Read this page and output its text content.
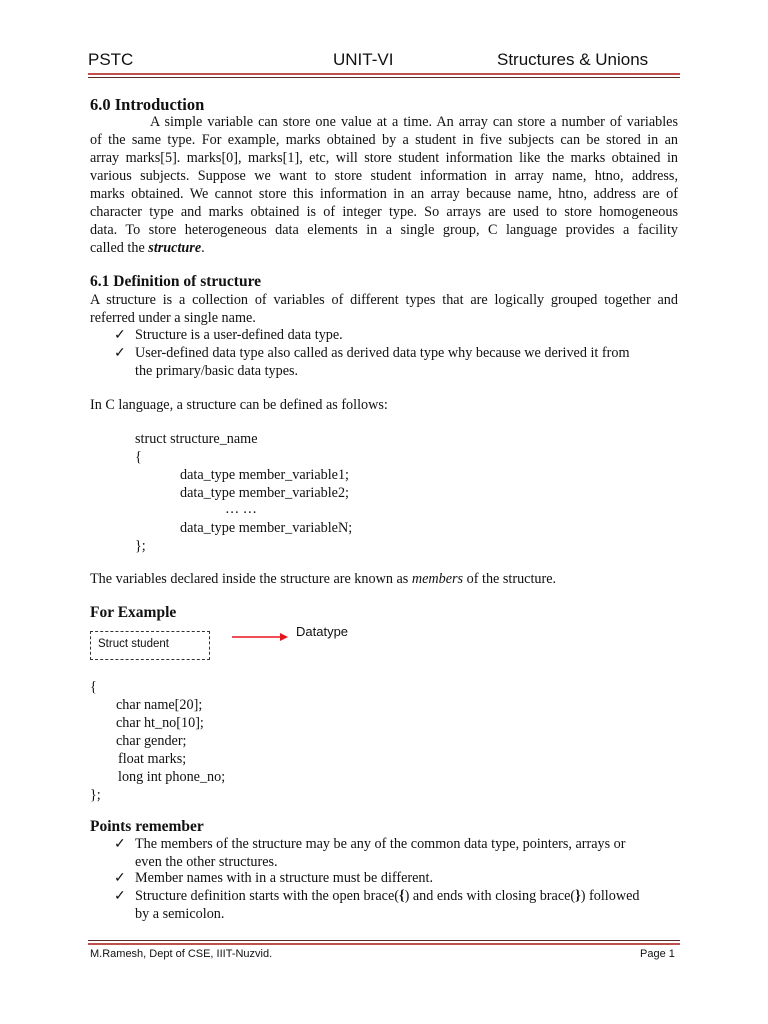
PSTC	UNIT-VI	Structures & Unions
6.0 Introduction
A simple variable can store one value at a time. An array can store a number of variables
of the same type. For example, marks obtained by a student in five subjects can be stored in an
array marks[5]. marks[0], marks[1], etc, will store student information like the marks obtained in
various subjects. Suppose we want to store student information in array name, htno, address,
marks obtained. We cannot store this information in an array because name, htno, address are of
character type and marks obtained is of integer type. So arrays are used to store homogeneous
data. To store heterogeneous data elements in a single group, C language provides a facility
called the structure.
6.1 Definition of structure
A structure is a collection of variables of different types that are logically grouped together and
referred under a single name.
✓ Structure is a user-defined data type.
✓ User-defined data type also called as derived data type why because we derived it from
the primary/basic data types.
In C language, a structure can be defined as follows:
struct structure_name
{
data_type member_variable1;
data_type member_variable2;
… …
data_type member_variableN;
};
The variables declared inside the structure are known as members of the structure.
For Example
Struct student
Datatype
{
char name[20];
char ht_no[10];
char gender;
float marks;
long int phone_no;
};
Points remember
✓ The members of the structure may be any of the common data type, pointers, arrays or
even the other structures.
✓ Member names with in a structure must be different.
✓ Structure definition starts with the open brace({) and ends with closing brace(}) followed
by a semicolon.
M.Ramesh, Dept of CSE, IIIT-Nuzvid.	Page 1
